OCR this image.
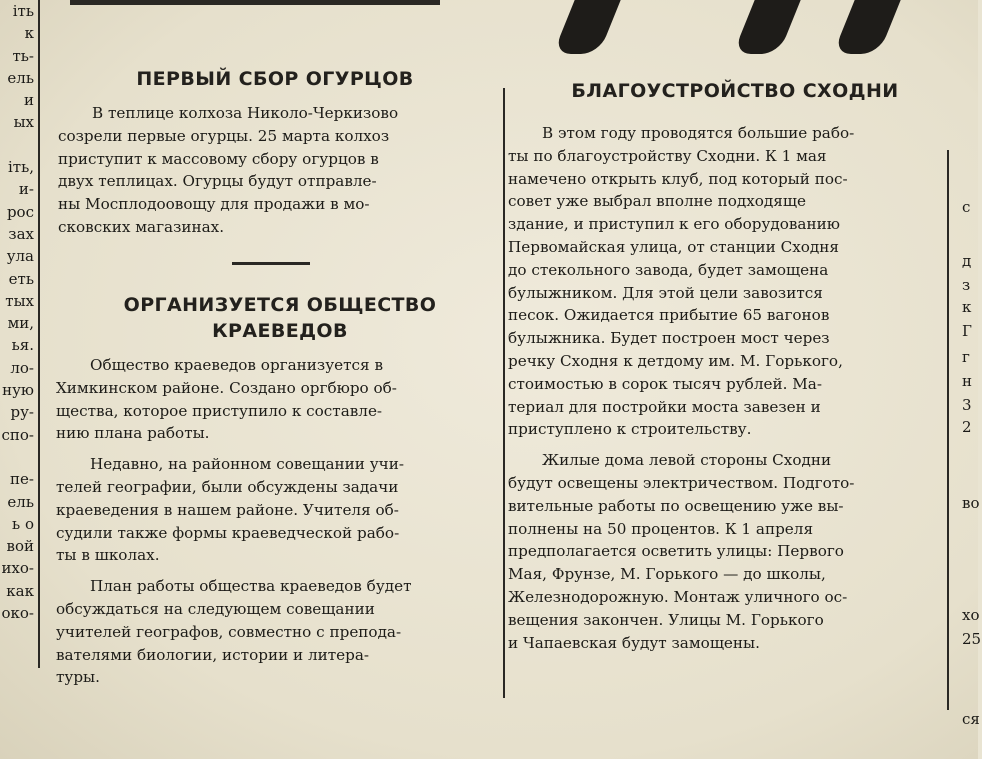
іть
к
ть-
ель
и
ых

іть,
и-
рос
зах
ула
еть
тых
ми,
ья.
ло-
ную
ру-
спо-

пе-
ель
ь о
вой
ихо-
как
око-
ПЕРВЫЙ СБОР ОГУРЦОВ

В теплице колхоза Николо-Черкизово
созрели первые огурцы. 25 марта колхоз
приступит к массовому сбору огурцов в
двух теплицах. Огурцы будут отправле-
ны Мосплодоовощу для продажи в мо-
сковских магазинах.

ОРГАНИЗУЕТСЯ ОБЩЕСТВО
КРАЕВЕДОВ

Общество краеведов организуется в
Химкинском районе. Создано оргбюро об-
щества, которое приступило к составле-
нию плана работы.

Недавно, на районном совещании учи-
телей географии, были обсуждены задачи
краеведения в нашем районе. Учителя об-
судили также формы краеведческой рабо-
ты в школах.

План работы общества краеведов будет
обсуждаться на следующем совещании
учителей географов, совместно с препода-
вателями биологии, истории и литера-
туры.

БЛАГОУСТРОЙСТВО СХОДНИ

В этом году проводятся большие рабо-
ты по благоустройству Сходни. К 1 мая
намечено открыть клуб, под который пос-
совет уже выбрал вполне подходяще
здание, и приступил к его оборудованию
Первомайская улица, от станции Сходня
до стекольного завода, будет замощена
булыжником. Для этой цели завозится
песок. Ожидается прибытие 65 вагонов
булыжника. Будет построен мост через
речку Сходня к детдому им. М. Горького,
стоимостью в сорок тысяч рублей. Ма-
териал для постройки моста завезен и
приступлено к строительству.

Жилые дома левой стороны Сходни
будут освещены электричеством. Подгото-
вительные работы по освещению уже вы-
полнены на 50 процентов. К 1 апреля
предполагается осветить улицы: Первого
Мая, Фрунзе, М. Горького — до школы,
Железнодорожную. Монтаж уличного ос-
вещения закончен. Улицы М. Горького
и Чапаевская будут замощены.

с
д
з
к
Г
г
н
3
2
во
хо
25
ся
